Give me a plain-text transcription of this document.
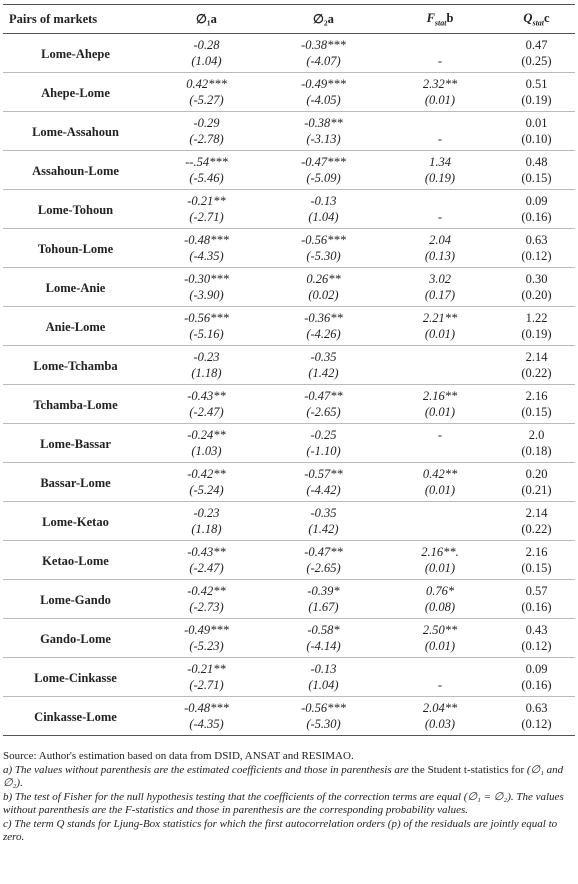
Pairs of markets	∅₁a	∅₂a	$F_{stat}b$	$Q_{stat}c$
Lome-Ahepe	-0.28	-0.38***		0.47
	(1.04)	(-4.07)	-	(0.25)
Ahepe-Lome	0.42***	-0.49***	2.32**	0.51
	(-5.27)	(-4.05)	(0.01)	(0.19)
Lome-Assahoun	-0.29	-0.38**		0.01
	(-2.78)	(-3.13)	-	(0.10)
Assahoun-Lome	--.54***	-0.47***	1.34	0.48
	(-5.46)	(-5.09)	(0.19)	(0.15)
Lome-Tohoun	-0.21**	-0.13		0.09
	(-2.71)	(1.04)	-	(0.16)
Tohoun-Lome	-0.48***	-0.56***	2.04	0.63
	(-4.35)	(-5.30)	(0.13)	(0.12)
Lome-Anie	-0.30***	0.26**	3.02	0.30
	(-3.90)	(0.02)	(0.17)	(0.20)
Anie-Lome	-0.56***	-0.36**	2.21**	1.22
	(-5.16)	(-4.26)	(0.01)	(0.19)
Lome-Tchamba	-0.23	-0.35		2.14
	(1.18)	(1.42)		(0.22)
Tchamba-Lome	-0.43**	-0.47**	2.16**	2.16
	(-2.47)	(-2.65)	(0.01)	(0.15)
Lome-Bassar	-0.24**	-0.25	-	2.0
	(1.03)	(-1.10)		(0.18)
Bassar-Lome	-0.42**	-0.57**	0.42**	0.20
	(-5.24)	(-4.42)	(0.01)	(0.21)
Lome-Ketao	-0.23	-0.35		2.14
	(1.18)	(1.42)		(0.22)
Ketao-Lome	-0.43**	-0.47**	2.16**.	2.16
	(-2.47)	(-2.65)	(0.01)	(0.15)
Lome-Gando	-0.42**	-0.39*	0.76*	0.57
	(-2.73)	(1.67)	(0.08)	(0.16)
Gando-Lome	-0.49***	-0.58*	2.50**	0.43
	(-5.23)	(-4.14)	(0.01)	(0.12)
Lome-Cinkasse	-0.21**	-0.13		0.09
	(-2.71)	(1.04)	-	(0.16)
Cinkasse-Lome	-0.48***	-0.56***	2.04**	0.63
	(-4.35)	(-5.30)	(0.03)	(0.12)

Source: Author's estimation based on data from DSID, ANSAT and RESIMAO.

a) The values without parenthesis are the estimated coefficients and those in parenthesis are the Student t-statistics for (∅₁ and ∅₂).

b) The test of Fisher for the null hypothesis testing that the coefficients of the correction terms are equal (∅₁ = ∅₂). The values without parenthesis are the F-statistics and those in parenthesis are the corresponding probability values.

c) The term Q stands for Ljung-Box statistics for which the first autocorrelation orders (p) of the residuals are jointly equal to zero.
